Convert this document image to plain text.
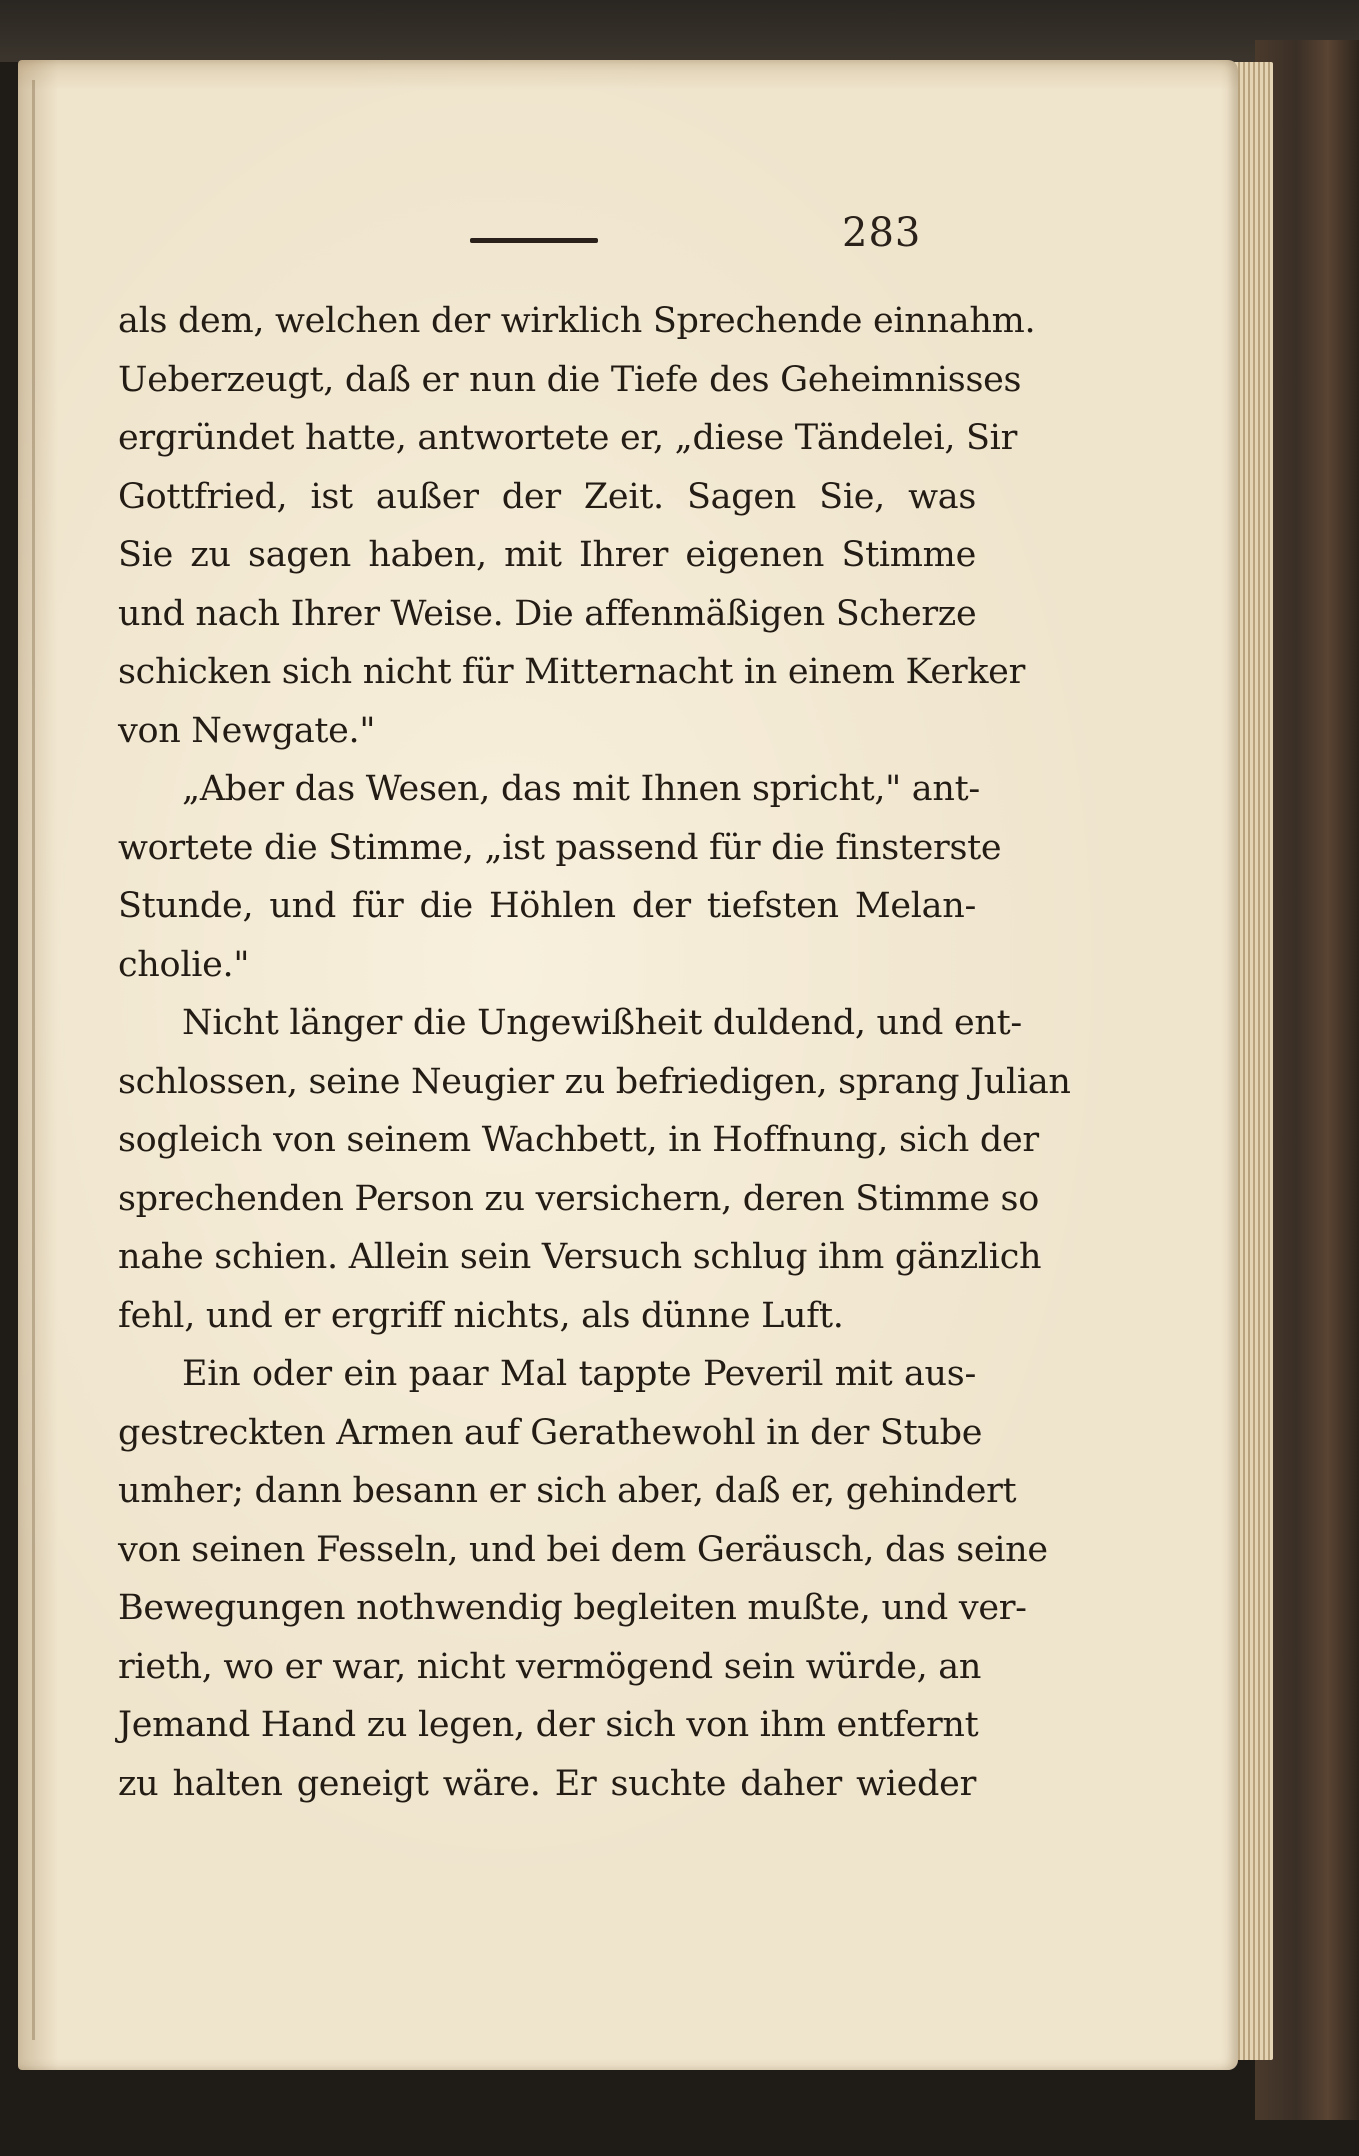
283
als dem, welchen der wirklich Sprechende einnahm.
Ueberzeugt, daß er nun die Tiefe des Geheimnisses
ergründet hatte, antwortete er, „diese Tändelei, Sir
Gottfried, ist außer der Zeit. Sagen Sie, was
Sie zu sagen haben, mit Ihrer eigenen Stimme
und nach Ihrer Weise. Die affenmäßigen Scherze
schicken sich nicht für Mitternacht in einem Kerker
von Newgate."
„Aber das Wesen, das mit Ihnen spricht," ant-
wortete die Stimme, „ist passend für die finsterste
Stunde, und für die Höhlen der tiefsten Melan-
cholie."
Nicht länger die Ungewißheit duldend, und ent-
schlossen, seine Neugier zu befriedigen, sprang Julian
sogleich von seinem Wachbett, in Hoffnung, sich der
sprechenden Person zu versichern, deren Stimme so
nahe schien. Allein sein Versuch schlug ihm gänzlich
fehl, und er ergriff nichts, als dünne Luft.
Ein oder ein paar Mal tappte Peveril mit aus-
gestreckten Armen auf Gerathewohl in der Stube
umher; dann besann er sich aber, daß er, gehindert
von seinen Fesseln, und bei dem Geräusch, das seine
Bewegungen nothwendig begleiten mußte, und ver-
rieth, wo er war, nicht vermögend sein würde, an
Jemand Hand zu legen, der sich von ihm entfernt
zu halten geneigt wäre. Er suchte daher wieder
